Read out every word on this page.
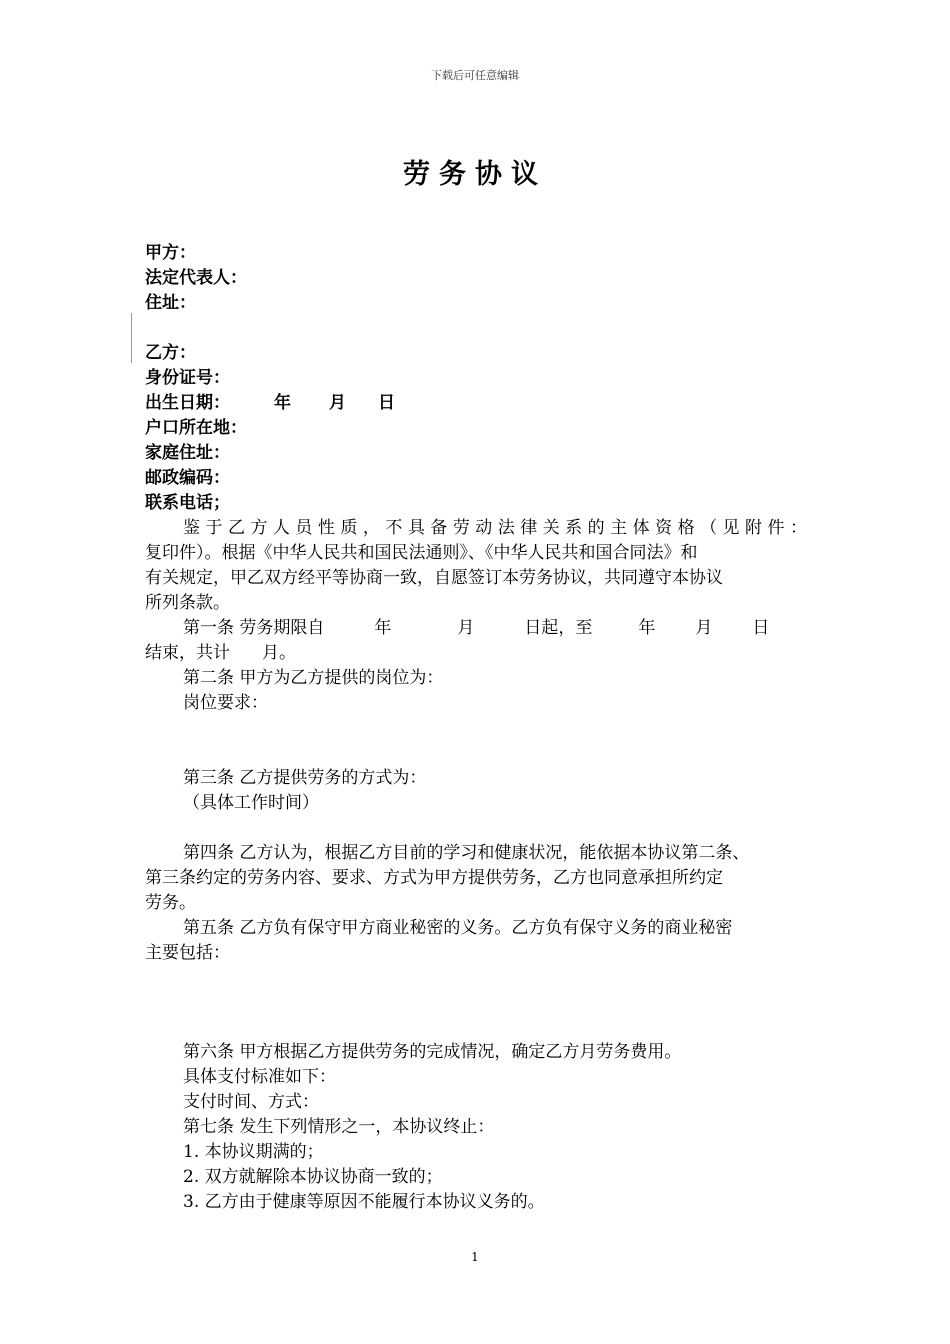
下载后可任意编辑
劳务协议
甲方：
法定代表人：
住址：
乙方：
身份证号：
出生日期：	年 月 日
户口所在地：
家庭住址：
邮政编码：
联系电话；
鉴于乙方人员性质，不具备劳动法律关系的主体资格（见附件：
复印件）。根据《中华人民共和国民法通则》、《中华人民共和国合同法》和
有关规定，甲乙双方经平等协商一致，自愿签订本劳务协议，共同遵守本协议
所列条款。
第一条 劳务期限自	年	月	日起，至	年 月 日
结束，共计 月。
第二条 甲方为乙方提供的岗位为：
岗位要求：
第三条 乙方提供劳务的方式为：
（具体工作时间）
第四条 乙方认为，根据乙方目前的学习和健康状况，能依据本协议第二条、
第三条约定的劳务内容、要求、方式为甲方提供劳务，乙方也同意承担所约定
劳务。
第五条 乙方负有保守甲方商业秘密的义务。乙方负有保守义务的商业秘密
主要包括：
第六条 甲方根据乙方提供劳务的完成情况，确定乙方月劳务费用。
具体支付标准如下：
支付时间、方式：
第七条 发生下列情形之一，本协议终止：
1. 本协议期满的；
2. 双方就解除本协议协商一致的；
3. 乙方由于健康等原因不能履行本协议义务的。
1
